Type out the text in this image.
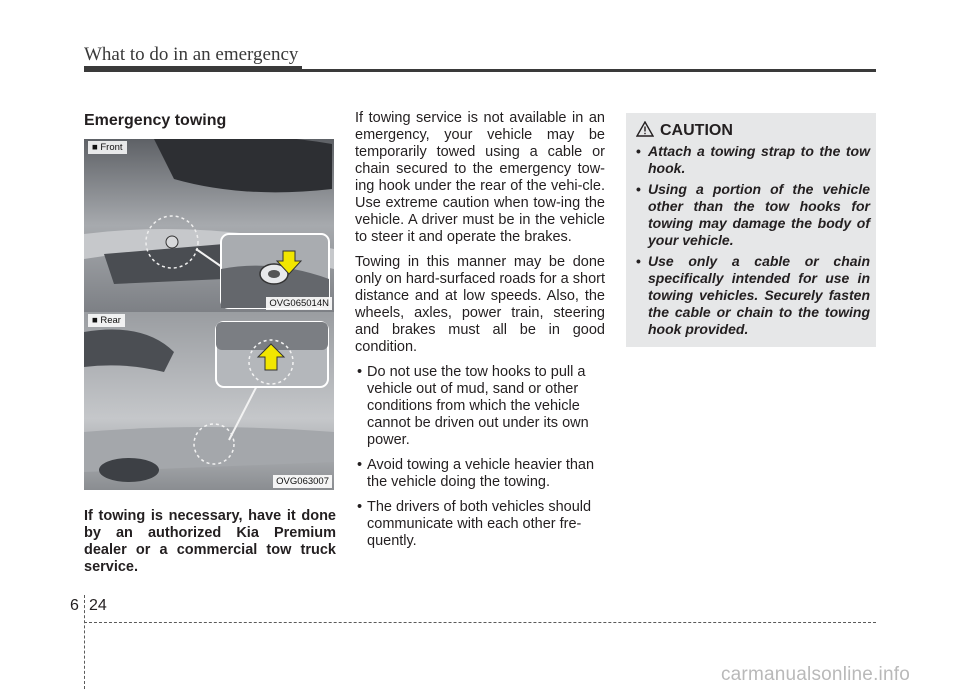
What to do in an emergency
Emergency towing
■ Front
OVG065014N
■ Rear
OVG063007
If towing is necessary, have it done by an authorized Kia Premium dealer or a commercial tow truck service.

If towing service is not available in an emergency, your vehicle may be temporarily towed using a cable or chain secured to the emergency tow-ing hook under the rear of the vehi-cle. Use extreme caution when tow-ing the vehicle. A driver must be in the vehicle to steer it and operate the brakes.

Towing in this manner may be done only on hard-surfaced roads for a short distance and at low speeds. Also, the wheels, axles, power train, steering and brakes must all be in good condition.

• Do not use the tow hooks to pull a vehicle out of mud, sand or other conditions from which the vehicle cannot be driven out under its own power.
• Avoid towing a vehicle heavier than the vehicle doing the towing.
• The drivers of both vehicles should communicate with each other fre-quently.
CAUTION
• Attach a towing strap to the tow hook.
• Using a portion of the vehicle other than the tow hooks for towing may damage the body of your vehicle.
• Use only a cable or chain specifically intended for use in towing vehicles. Securely fasten the cable or chain to the towing hook provided.
6 24
carmanualsonline.info
